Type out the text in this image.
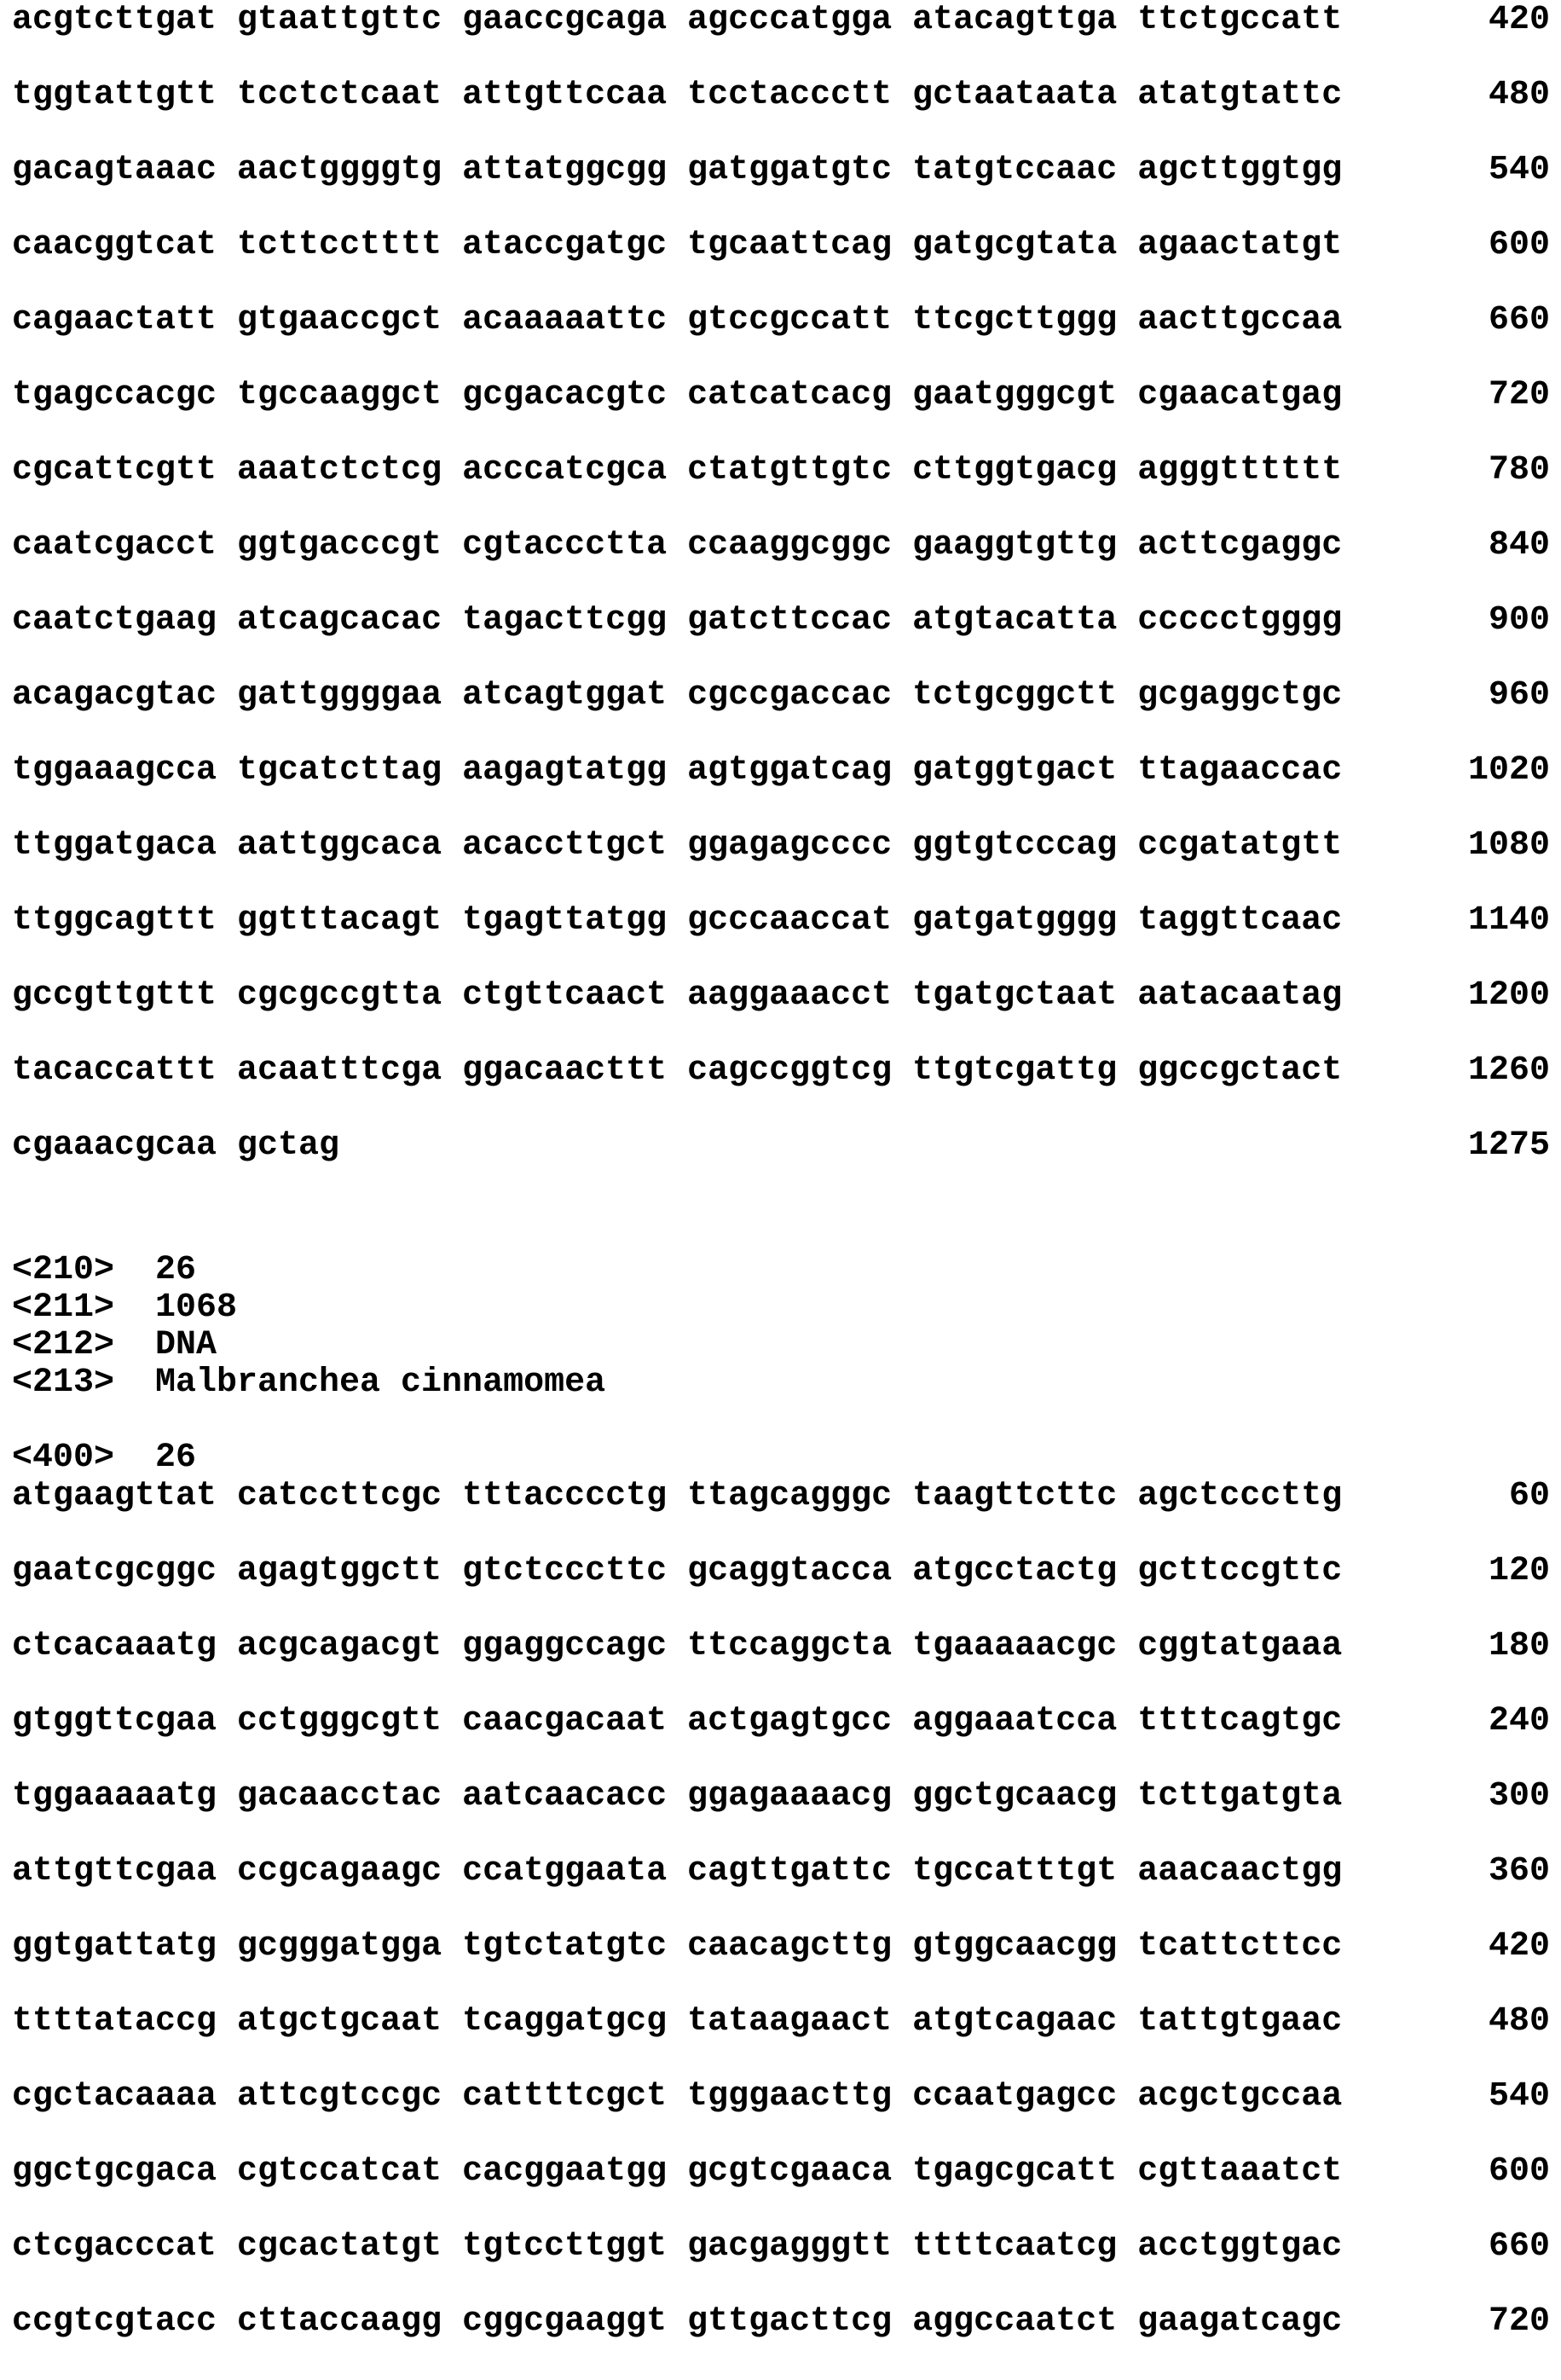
acgtcttgat gtaattgttc gaaccgcaga agcccatgga atacagttga ttctgccatt	420
tggtattgtt tcctctcaat attgttccaa tcctaccctt gctaataata atatgtattc	480
gacagtaaac aactggggtg attatggcgg gatggatgtc tatgtccaac agcttggtgg	540
caacggtcat tcttcctttt ataccgatgc tgcaattcag gatgcgtata agaactatgt	600
cagaactatt gtgaaccgct acaaaaattc gtccgccatt ttcgcttggg aacttgccaa	660
tgagccacgc tgccaaggct gcgacacgtc catcatcacg gaatgggcgt cgaacatgag	720
cgcattcgtt aaatctctcg acccatcgca ctatgttgtc cttggtgacg agggtttttt	780
caatcgacct ggtgacccgt cgtaccctta ccaaggcggc gaaggtgttg acttcgaggc	840
caatctgaag atcagcacac tagacttcgg gatcttccac atgtacatta ccccctgggg	900
acagacgtac gattggggaa atcagtggat cgccgaccac tctgcggctt gcgaggctgc	960
tggaaagcca tgcatcttag aagagtatgg agtggatcag gatggtgact ttagaaccac	1020
ttggatgaca aattggcaca acaccttgct ggagagcccc ggtgtcccag ccgatatgtt	1080
ttggcagttt ggtttacagt tgagttatgg gcccaaccat gatgatgggg taggttcaac	1140
gccgttgttt cgcgccgtta ctgttcaact aaggaaacct tgatgctaat aatacaatag	1200
tacaccattt acaatttcga ggacaacttt cagccggtcg ttgtcgattg ggccgctact	1260
cgaaacgcaa gctag	1275
<210>	26
<211>	1068
<212>	DNA
<213>	Malbranchea cinnamomea
<400>	26
atgaagttat catccttcgc tttacccctg ttagcagggc taagttcttc agctcccttg	60
gaatcgcggc agagtggctt gtctcccttc gcaggtacca atgcctactg gcttccgttc	120
ctcacaaatg acgcagacgt ggaggccagc ttccaggcta tgaaaaacgc cggtatgaaa	180
gtggttcgaa cctgggcgtt caacgacaat actgagtgcc aggaaatcca ttttcagtgc	240
tggaaaaatg gacaacctac aatcaacacc ggagaaaacg ggctgcaacg tcttgatgta	300
attgttcgaa ccgcagaagc ccatggaata cagttgattc tgccatttgt aaacaactgg	360
ggtgattatg gcgggatgga tgtctatgtc caacagcttg gtggcaacgg tcattcttcc	420
ttttataccg atgctgcaat tcaggatgcg tataagaact atgtcagaac tattgtgaac	480
cgctacaaaa attcgtccgc cattttcgct tgggaacttg ccaatgagcc acgctgccaa	540
ggctgcgaca cgtccatcat cacggaatgg gcgtcgaaca tgagcgcatt cgttaaatct	600
ctcgacccat cgcactatgt tgtccttggt gacgagggtt ttttcaatcg acctggtgac	660
ccgtcgtacc cttaccaagg cggcgaaggt gttgacttcg aggccaatct gaagatcagc	720
